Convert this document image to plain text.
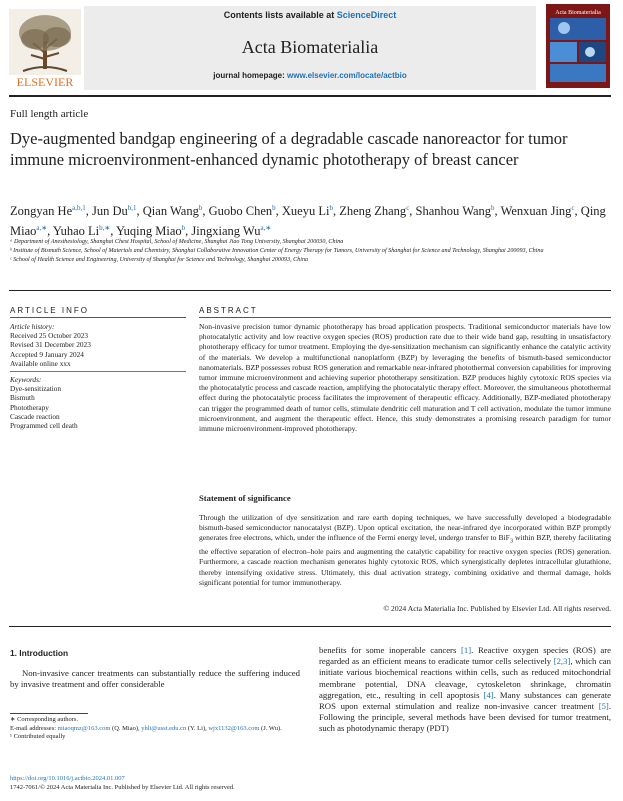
ELSEVIER
Contents lists available at ScienceDirect
Acta Biomaterialia
journal homepage: www.elsevier.com/locate/actbio
Acta Biomaterialia
Full length article
Dye-augmented bandgap engineering of a degradable cascade nanoreactor for tumor immune microenvironment-enhanced dynamic phototherapy of breast cancer
Zongyan He$^{a,b,1}$, Jun Du$^{b,1}$, Qian Wang$^b$, Guobo Chen$^b$, Xueyu Li$^b$, Zheng Zhang$^c$, Shanhou Wang$^b$, Wenxuan Jing$^c$, Qing Miao$^{a,∗}$, Yuhao $Li^{b,∗}$, Yuqing Miao$^b$, Jingxiang $Wu^{a,∗}$
ᵃ Department of Anesthesiology, Shanghai Chest Hospital, School of Medicine, Shanghai Jiao Tong University, Shanghai 200030, China
ᵇ Institute of Bismuth Science, School of Materials and Chemistry, Shanghai Collaborative Innovation Center of Energy Therapy for Tumors, University of Shanghai for Science and Technology, Shanghai 200093, China
ᶜ School of Health Science and Engineering, University of Shanghai for Science and Technology, Shanghai 200093, China
ARTICLE INFO
Article history:
Received 25 October 2023
Revised 31 December 2023
Accepted 9 January 2024
Available online xxx
Keywords:
Dye-sensitization
Bismuth
Phototherapy
Cascade reaction
Programmed cell death
ABSTRACT
Non-invasive precision tumor dynamic phototherapy has broad application prospects. Traditional semiconductor materials have low photocatalytic activity and low reactive oxygen species (ROS) production rate due to their wide band gap, resulting in unsatisfactory phototherapy efficacy for tumor treatment. Employing the dye-sensitization mechanism can significantly enhance the catalytic activity of the materials. We develop a multifunctional nanoplatform (BZP) by leveraging the benefits of bismuth-based semiconductor nanomaterials. BZP possesses robust ROS generation and remarkable near-infrared photothermal conversion capabilities for improving tumor immune microenvironment and achieving superior phototherapy sensitization. BZP produces highly cytotoxic ROS species via the photocatalytic process and cascade reaction, amplifying the photocatalytic therapy effect. Moreover, the simultaneous photothermal effect during the photocatalytic process facilitates the improvement of therapeutic efficacy. Additionally, BZP-mediated phototherapy can trigger the programmed death of tumor cells, stimulate dendritic cell maturation and T cell activation, modulate the tumor immune microenvironment, and augment the therapeutic effect. Hence, this study demonstrates a promising research paradigm for tumor immune microenvironment-improved phototherapy.
Statement of significance
Through the utilization of dye sensitization and rare earth doping techniques, we have successfully developed a biodegradable bismuth-based semiconductor nanocatalyst (BZP). Upon optical excitation, the near-infrared dye incorporated within BZP promptly generates free electrons, which, under the influence of the Fermi energy level, undergo transfer to BiF$_3$ within BZP, thereby facilitating the effective separation of electron–hole pairs and augmenting the catalytic capability for reactive oxygen species (ROS) generation. Furthermore, a cascade reaction mechanism generates highly cytotoxic ROS, which synergistically depletes intracellular glutathione, thereby intensifying oxidative stress. Ultimately, this dual activation strategy, combining oxidative and thermal damage, holds significant potential for tumor immunotherapy.
© 2024 Acta Materialia Inc. Published by Elsevier Ltd. All rights reserved.
1. Introduction
Non-invasive cancer treatments can substantially reduce the suffering induced by invasive treatment and offer considerable
benefits for some inoperable cancers [1]. Reactive oxygen species (ROS) are regarded as an efficient means to eradicate tumor cells selectively [2,3], which can initiate various biochemical reactions within cells, such as reduced mitochondrial membrane potential, DNA cleavage, cytoskeleton shrinkage, chromatin aggregation, etc., resulting in cell apoptosis [4]. Many substances can generate ROS upon external stimulation and realize non-invasive cancer treatment [5]. Following the principle, several methods have been devised for tumor treatment, such as photodynamic therapy (PDT)
∗ Corresponding authors.
E-mail addresses: miaoqmz@163.com (Q. Miao), yhli@usst.edu.cn (Y. Li), wjx1132@163.com (J. Wu).
¹ Contributed equally
https://doi.org/10.1016/j.actbio.2024.01.007
1742-7061/© 2024 Acta Materialia Inc. Published by Elsevier Ltd. All rights reserved.
